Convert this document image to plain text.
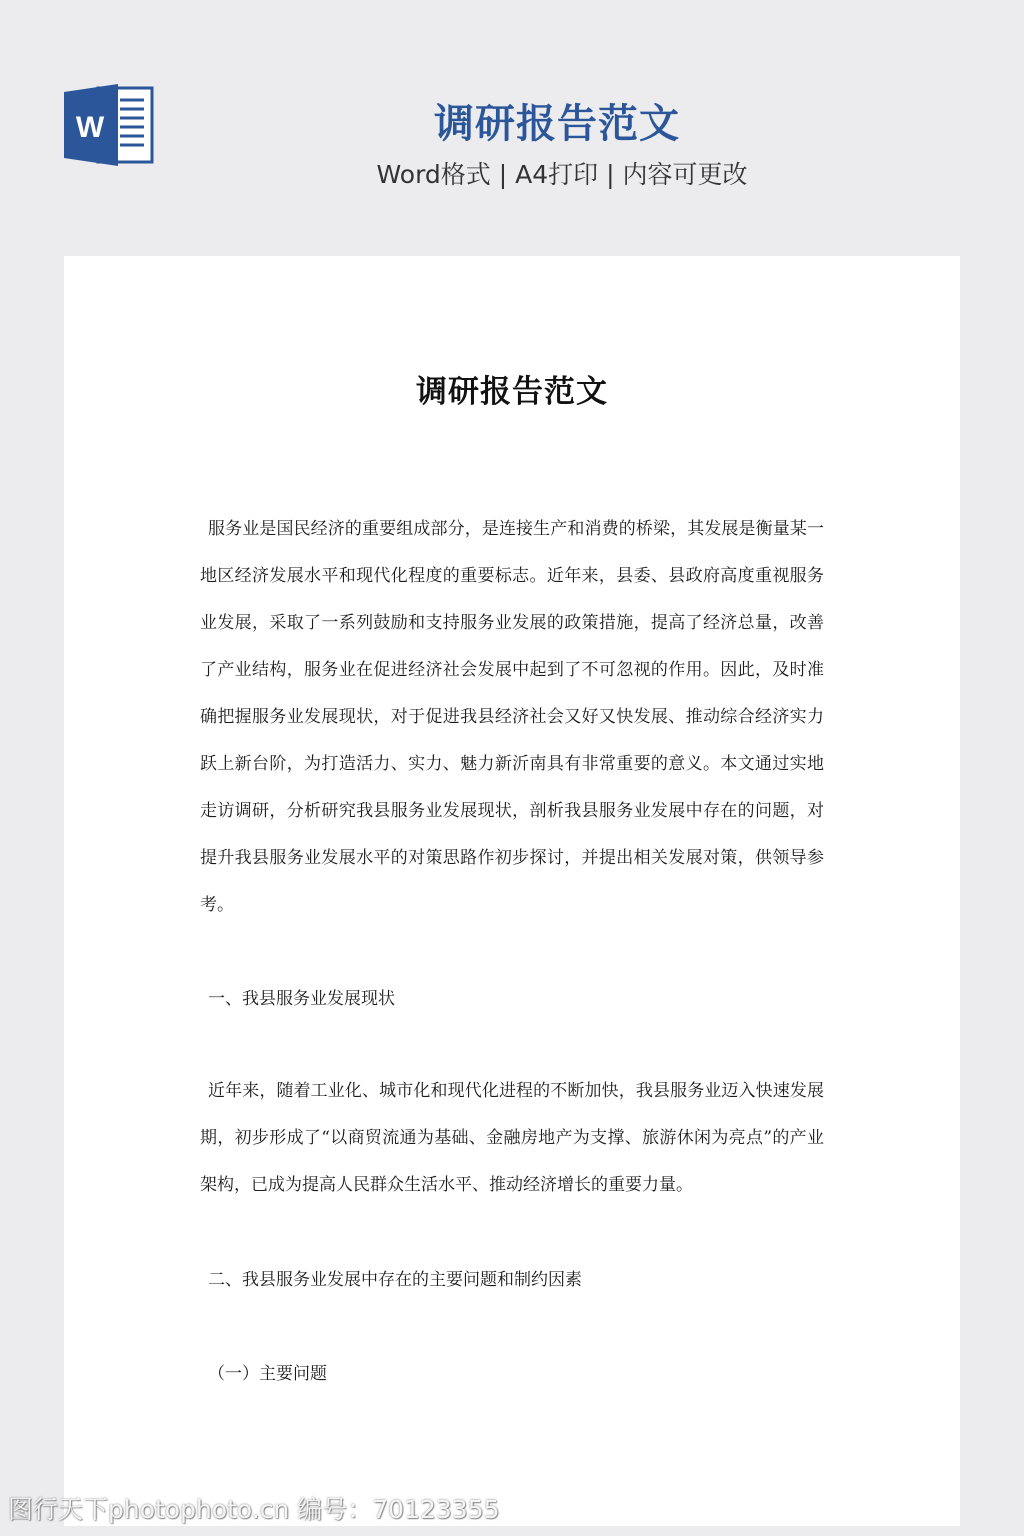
W	调研报告范文
Word格式 | A4打印 | 内容可更改
调研报告范文

服务业是国民经济的重要组成部分，是连接生产和消费的桥梁，其发展是衡量某一地区经济发展水平和现代化程度的重要标志。近年来，县委、县政府高度重视服务业发展，采取了一系列鼓励和支持服务业发展的政策措施，提高了经济总量，改善了产业结构，服务业在促进经济社会发展中起到了不可忽视的作用。因此，及时准确把握服务业发展现状，对于促进我县经济社会又好又快发展、推动综合经济实力跃上新台阶，为打造活力、实力、魅力新沂南具有非常重要的意义。本文通过实地走访调研，分析研究我县服务业发展现状，剖析我县服务业发展中存在的问题，对提升我县服务业发展水平的对策思路作初步探讨，并提出相关发展对策，供领导参考。

一、我县服务业发展现状

近年来，随着工业化、城市化和现代化进程的不断加快，我县服务业迈入快速发展期，初步形成了“以商贸流通为基础、金融房地产为支撑、旅游休闲为亮点”的产业架构，已成为提高人民群众生活水平、推动经济增长的重要力量。

二、我县服务业发展中存在的主要问题和制约因素

（一）主要问题

图行天下photophoto.cn 编号：70123355
